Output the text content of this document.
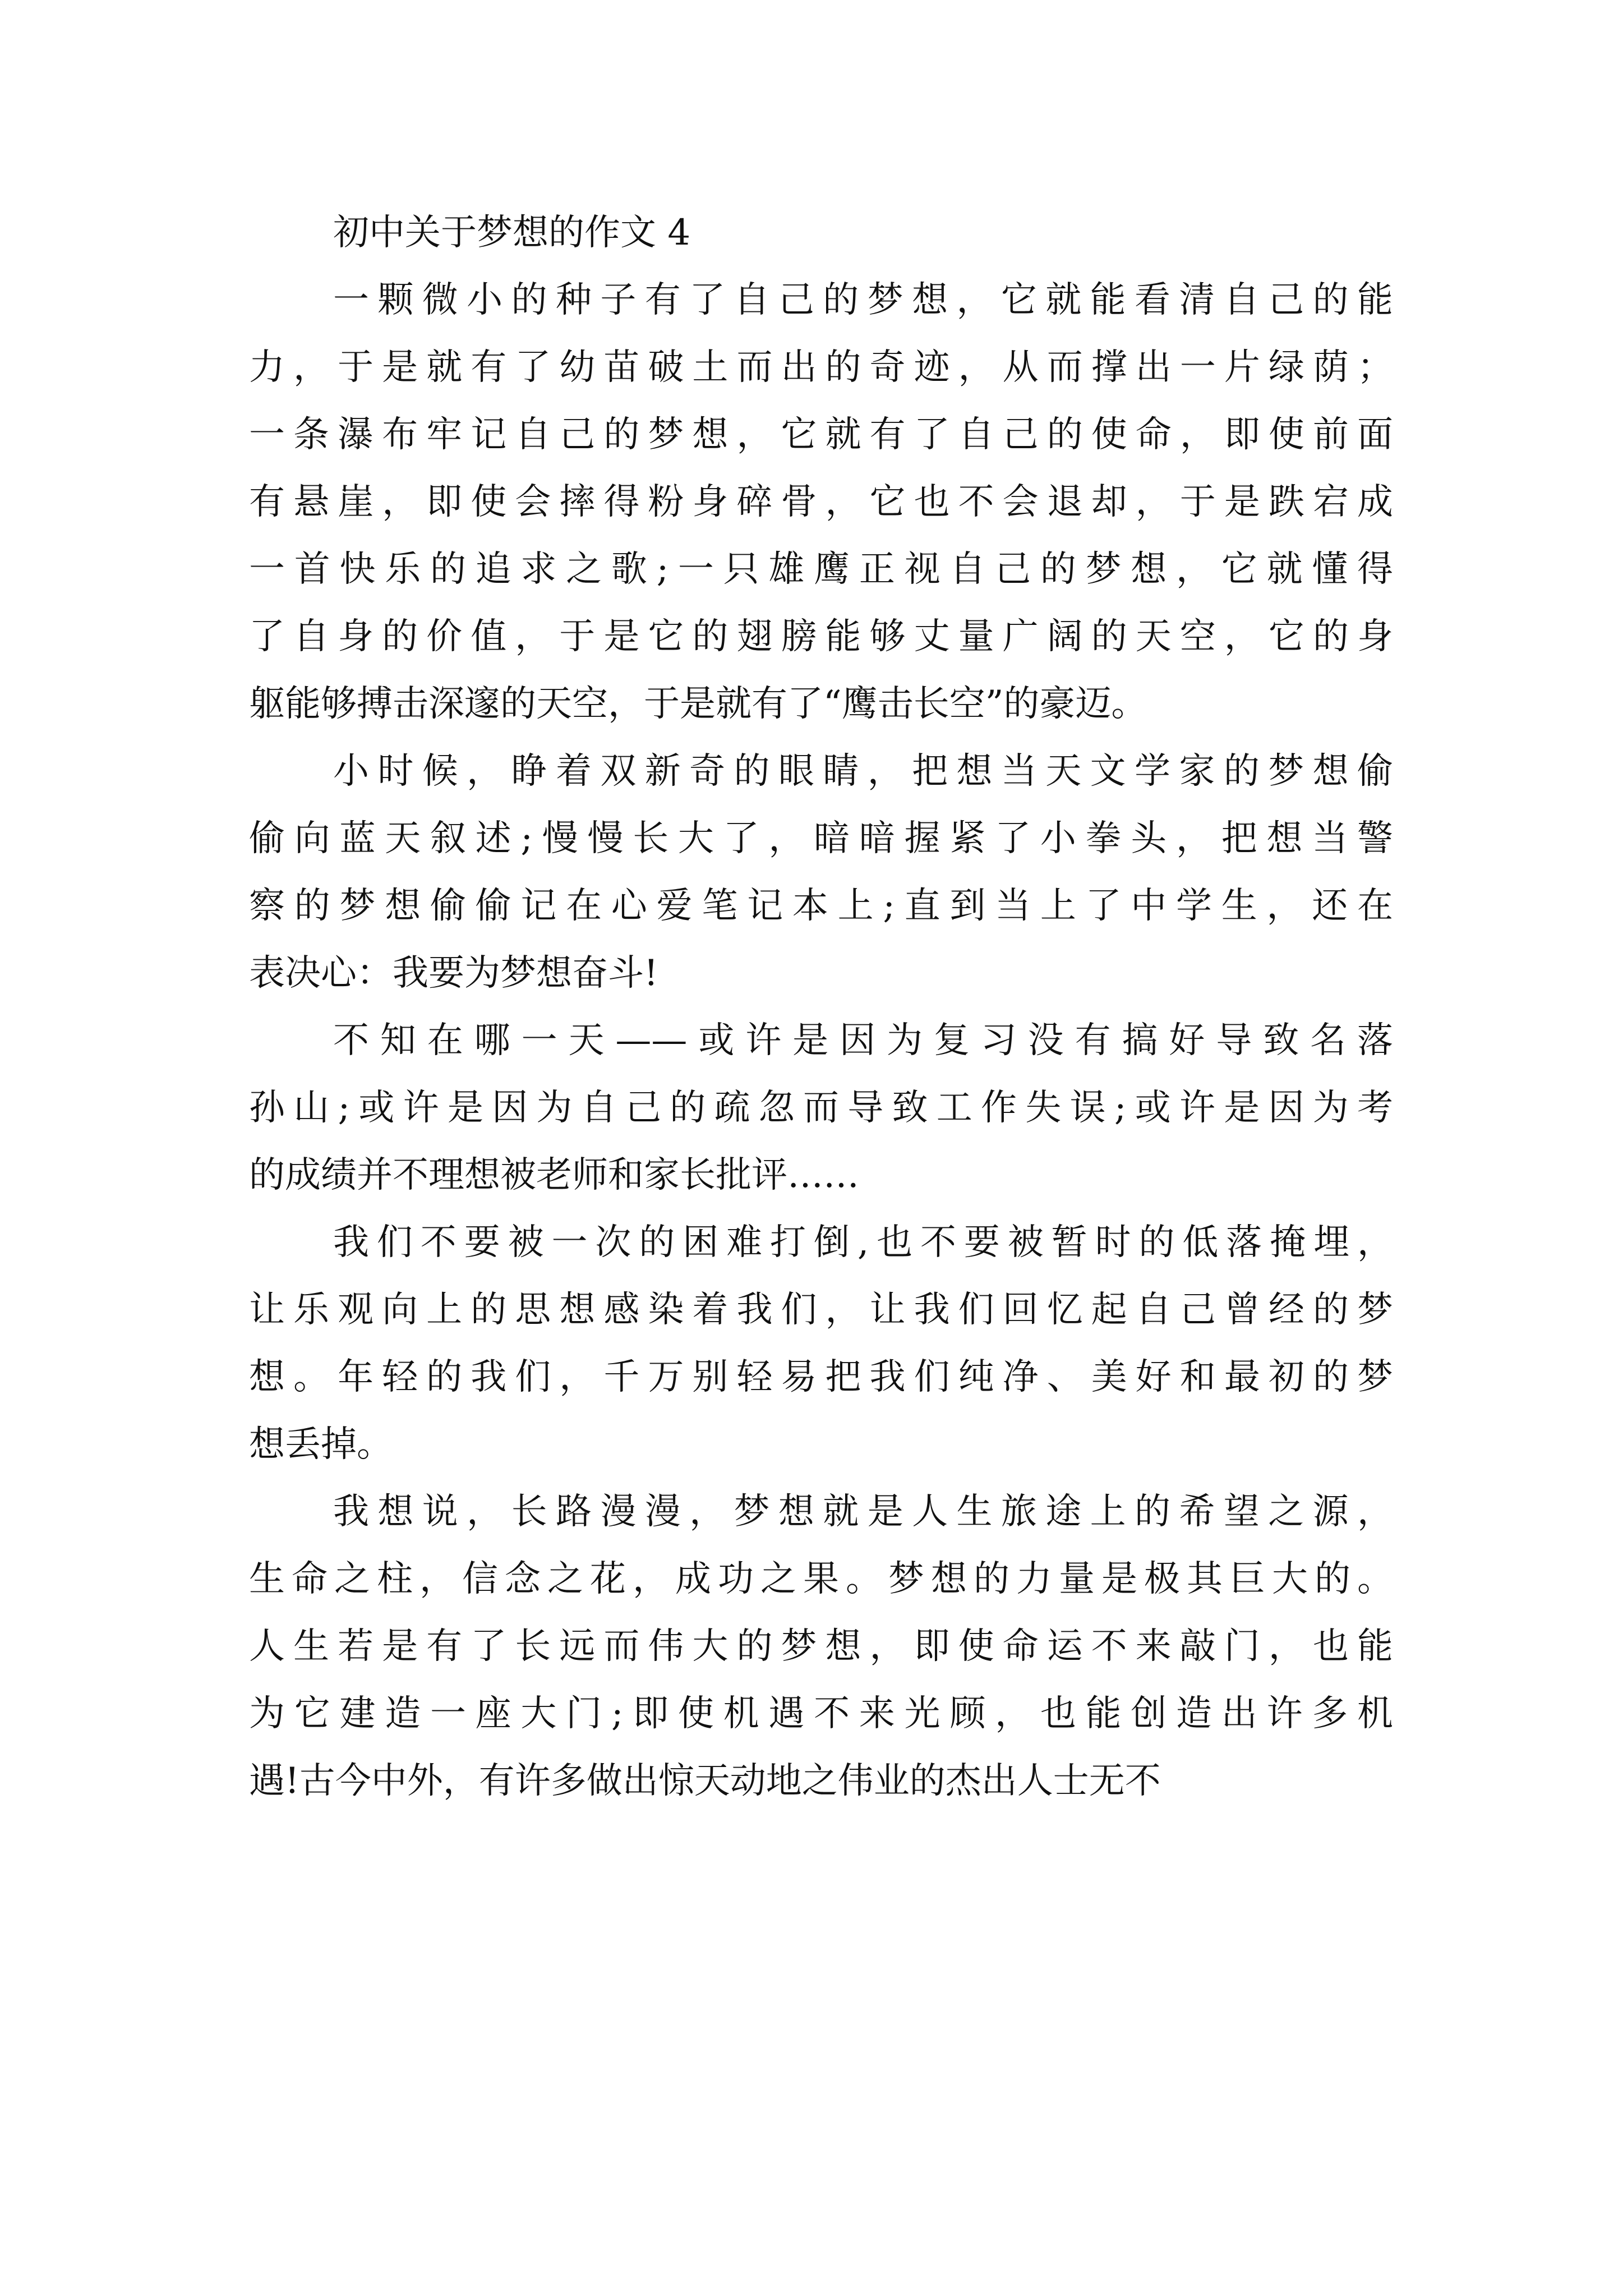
初中关于梦想的作文 4
一颗微小的种子有了自己的梦想，它就能看清自己的能
力，于是就有了幼苗破土而出的奇迹，从而撑出一片绿荫；
一条瀑布牢记自己的梦想，它就有了自己的使命，即使前面
有悬崖，即使会摔得粉身碎骨，它也不会退却，于是跌宕成
一首快乐的追求之歌;一只雄鹰正视自己的梦想，它就懂得
了自身的价值，于是它的翅膀能够丈量广阔的天空，它的身
躯能够搏击深邃的天空，于是就有了“鹰击长空”的豪迈。
小时候，睁着双新奇的眼睛，把想当天文学家的梦想偷
偷向蓝天叙述;慢慢长大了，暗暗握紧了小拳头，把想当警
察的梦想偷偷记在心爱笔记本上;直到当上了中学生，还在
表决心：我要为梦想奋斗!
不知在哪一天——或许是因为复习没有搞好导致名落
孙山;或许是因为自己的疏忽而导致工作失误;或许是因为考
的成绩并不理想被老师和家长批评……
我们不要被一次的困难打倒,也不要被暂时的低落掩埋，
让乐观向上的思想感染着我们，让我们回忆起自己曾经的梦
想。年轻的我们，千万别轻易把我们纯净、美好和最初的梦
想丢掉。
我想说，长路漫漫，梦想就是人生旅途上的希望之源，
生命之柱，信念之花，成功之果。梦想的力量是极其巨大的。
人生若是有了长远而伟大的梦想，即使命运不来敲门，也能
为它建造一座大门;即使机遇不来光顾，也能创造出许多机
遇!古今中外，有许多做出惊天动地之伟业的杰出人士无不
